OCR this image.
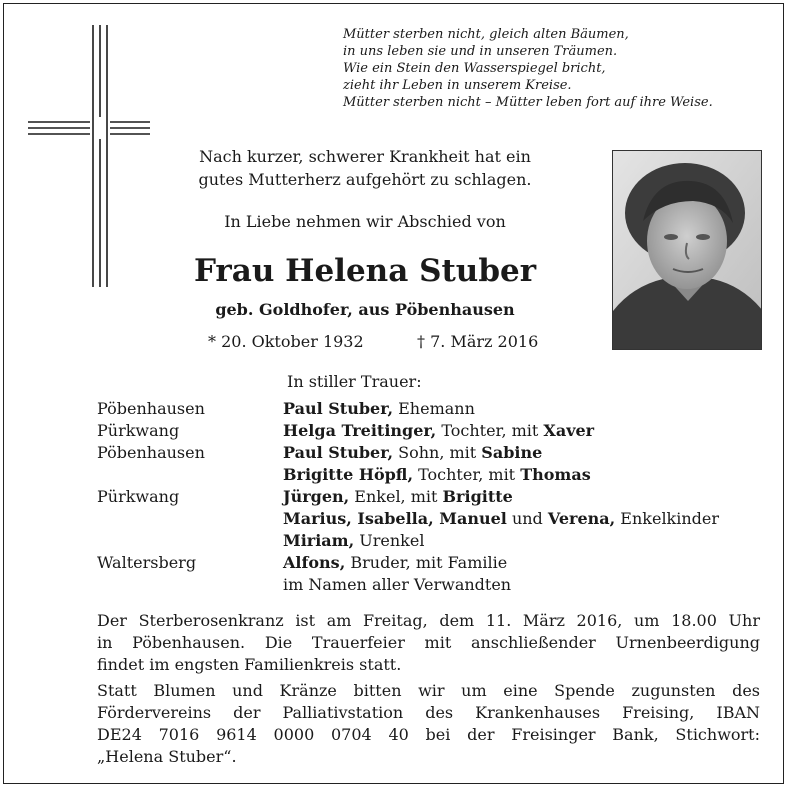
Mütter sterben nicht, gleich alten Bäumen,
in uns leben sie und in unseren Träumen.
Wie ein Stein den Wasserspiegel bricht,
zieht ihr Leben in unserem Kreise.
Mütter sterben nicht – Mütter leben fort auf ihre Weise.
Nach kurzer, schwerer Krankheit hat ein
gutes Mutterherz aufgehört zu schlagen.
In Liebe nehmen wir Abschied von
Frau Helena Stuber
geb. Goldhofer, aus Pöbenhausen
* 20. Oktober 1932	† 7. März 2016
In stiller Trauer:
Pöbenhausen	Paul Stuber, Ehemann
Pürkwang	Helga Treitinger, Tochter, mit Xaver
Pöbenhausen	Paul Stuber, Sohn, mit Sabine
Brigitte Höpfl, Tochter, mit Thomas
Pürkwang	Jürgen, Enkel, mit Brigitte
Marius, Isabella, Manuel und Verena, Enkelkinder
Miriam, Urenkel
Waltersberg	Alfons, Bruder, mit Familie
im Namen aller Verwandten
Der Sterberosenkranz ist am Freitag, dem 11. März 2016, um 18.00 Uhr
in Pöbenhausen. Die Trauerfeier mit anschließender Urnenbeerdigung
findet im engsten Familienkreis statt.
Statt Blumen und Kränze bitten wir um eine Spende zugunsten des
Fördervereins der Palliativstation des Krankenhauses Freising, IBAN
DE24 7016 9614 0000 0704 40 bei der Freisinger Bank, Stichwort:
„Helena Stuber“.
